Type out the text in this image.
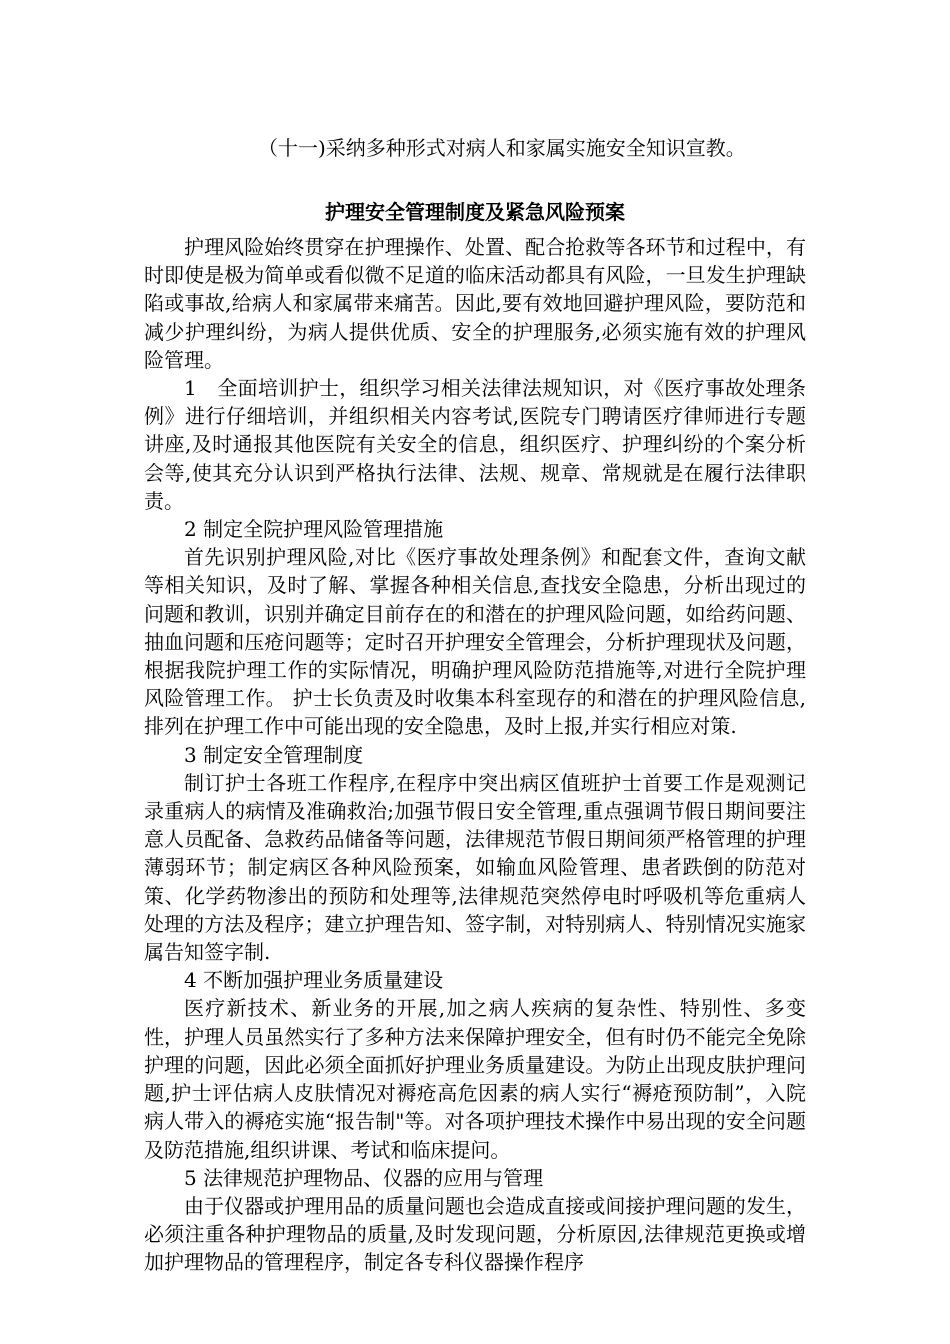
（十一)采纳多种形式对病人和家属实施安全知识宣教。
护理安全管理制度及紧急风险预案

护理风险始终贯穿在护理操作、处置、配合抢救等各环节和过程中，有时即使是极为简单或看似微不足道的临床活动都具有风险，一旦发生护理缺陷或事故,给病人和家属带来痛苦。因此,要有效地回避护理风险，要防范和减少护理纠纷，为病人提供优质、安全的护理服务,必须实施有效的护理风险管理。

1　全面培训护士，组织学习相关法律法规知识，对《医疗事故处理条例》进行仔细培训，并组织相关内容考试,医院专门聘请医疗律师进行专题讲座,及时通报其他医院有关安全的信息，组织医疗、护理纠纷的个案分析会等,使其充分认识到严格执行法律、法规、规章、常规就是在履行法律职责。

2 制定全院护理风险管理措施

首先识别护理风险,对比《医疗事故处理条例》和配套文件，查询文献等相关知识，及时了解、掌握各种相关信息,查找安全隐患，分析出现过的问题和教训，识别并确定目前存在的和潜在的护理风险问题，如给药问题、抽血问题和压疮问题等；定时召开护理安全管理会，分析护理现状及问题， 根据我院护理工作的实际情况，明确护理风险防范措施等,对进行全院护理风险管理工作。 护士长负责及时收集本科室现存的和潜在的护理风险信息,排列在护理工作中可能出现的安全隐患，及时上报,并实行相应对策.

3 制定安全管理制度

制订护士各班工作程序,在程序中突出病区值班护士首要工作是观测记录重病人的病情及准确救治;加强节假日安全管理,重点强调节假日期间要注意人员配备、急救药品储备等问题，法律规范节假日期间须严格管理的护理薄弱环节；制定病区各种风险预案，如输血风险管理、患者跌倒的防范对策、化学药物渗出的预防和处理等,法律规范突然停电时呼吸机等危重病人处理的方法及程序；建立护理告知、签字制，对特别病人、特别情况实施家属告知签字制.

4 不断加强护理业务质量建设

医疗新技术、新业务的开展,加之病人疾病的复杂性、特别性、多变性，护理人员虽然实行了多种方法来保障护理安全，但有时仍不能完全免除护理的问题，因此必须全面抓好护理业务质量建设。为防止出现皮肤护理问题,护士评估病人皮肤情况对褥疮高危因素的病人实行“褥疮预防制”，入院病人带入的褥疮实施“报告制"等。对各项护理技术操作中易出现的安全问题及防范措施,组织讲课、考试和临床提问。

5 法律规范护理物品、仪器的应用与管理

由于仪器或护理用品的质量问题也会造成直接或间接护理问题的发生，必须注重各种护理物品的质量,及时发现问题，分析原因,法律规范更换或增加护理物品的管理程序，制定各专科仪器操作程序
